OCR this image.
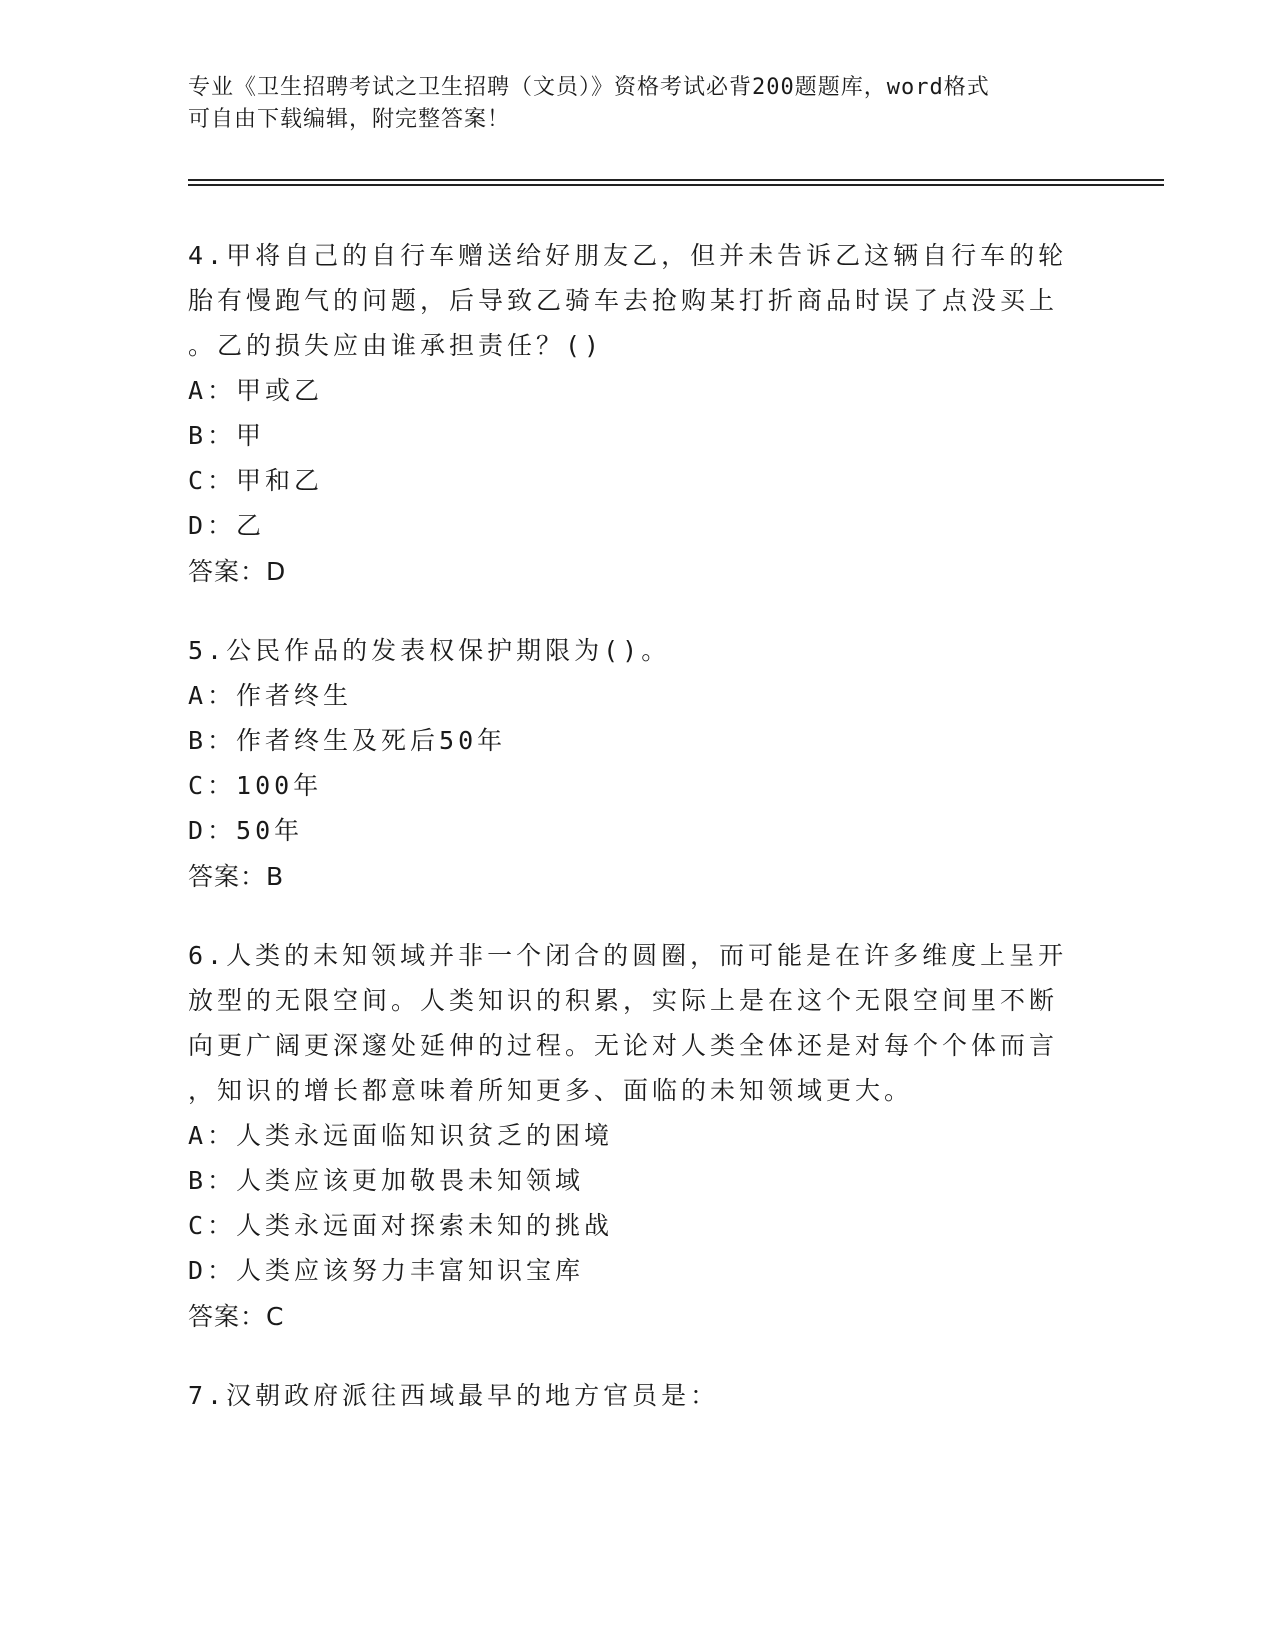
专业《卫生招聘考试之卫生招聘（文员）》资格考试必背200题题库，word格式
可自由下载编辑，附完整答案！
4.甲将自己的自行车赠送给好朋友乙，但并未告诉乙这辆自行车的轮
胎有慢跑气的问题，后导致乙骑车去抢购某打折商品时误了点没买上
。乙的损失应由谁承担责任？()
A：甲或乙
B：甲
C：甲和乙
D：乙
答案：D
5.公民作品的发表权保护期限为()。
A：作者终生
B：作者终生及死后50年
C：100年
D：50年
答案：B
6.人类的未知领域并非一个闭合的圆圈，而可能是在许多维度上呈开
放型的无限空间。人类知识的积累，实际上是在这个无限空间里不断
向更广阔更深邃处延伸的过程。无论对人类全体还是对每个个体而言
，知识的增长都意味着所知更多、面临的未知领域更大。
A：人类永远面临知识贫乏的困境
B：人类应该更加敬畏未知领域
C：人类永远面对探索未知的挑战
D：人类应该努力丰富知识宝库
答案：C
7.汉朝政府派往西域最早的地方官员是：
